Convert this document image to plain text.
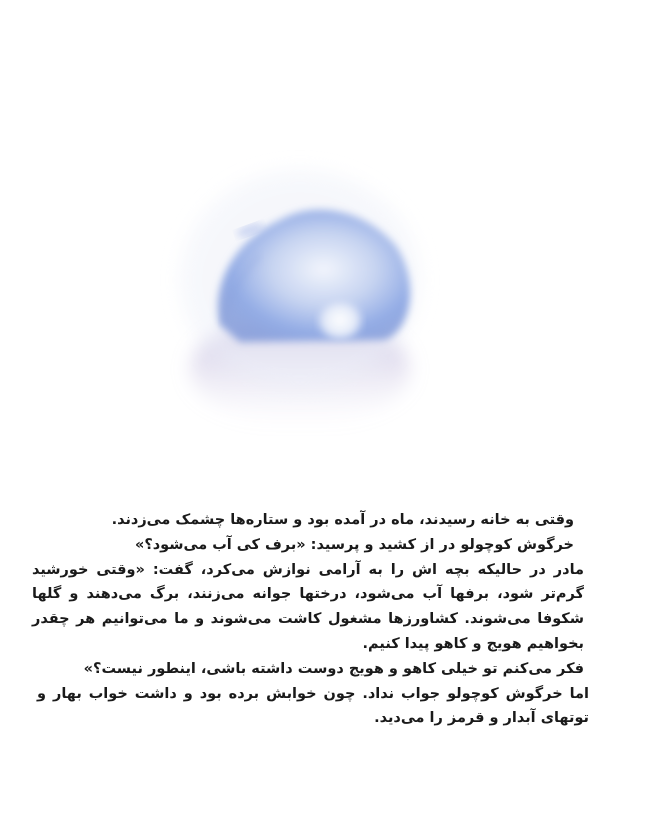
وقتی به خانه رسیدند، ماه در آمده بود و ستاره‌ها چشمک می‌زدند.

خرگوش کوچولو در از کشید و پرسید: «برف کی آب می‌شود؟»

مادر در حالیکه بچه اش را به آرامی نوازش می‌کرد، گفت: «وقتی خورشید گرم‌تر شود، برفها آب می‌شود، درختها جوانه می‌زنند، برگ می‌دهند و گلها شکوفا می‌شوند. کشاورزها مشغول کاشت می‌شوند و ما می‌توانیم هر چقدر بخواهیم هویج و کاهو پیدا کنیم.

فکر می‌کنم تو خیلی کاهو و هویج دوست داشته باشی، اینطور نیست؟»

اما خرگوش کوچولو جواب نداد. چون خوابش برده بود و داشت خواب بهار و توتهای آبدار و قرمز را می‌دید.
